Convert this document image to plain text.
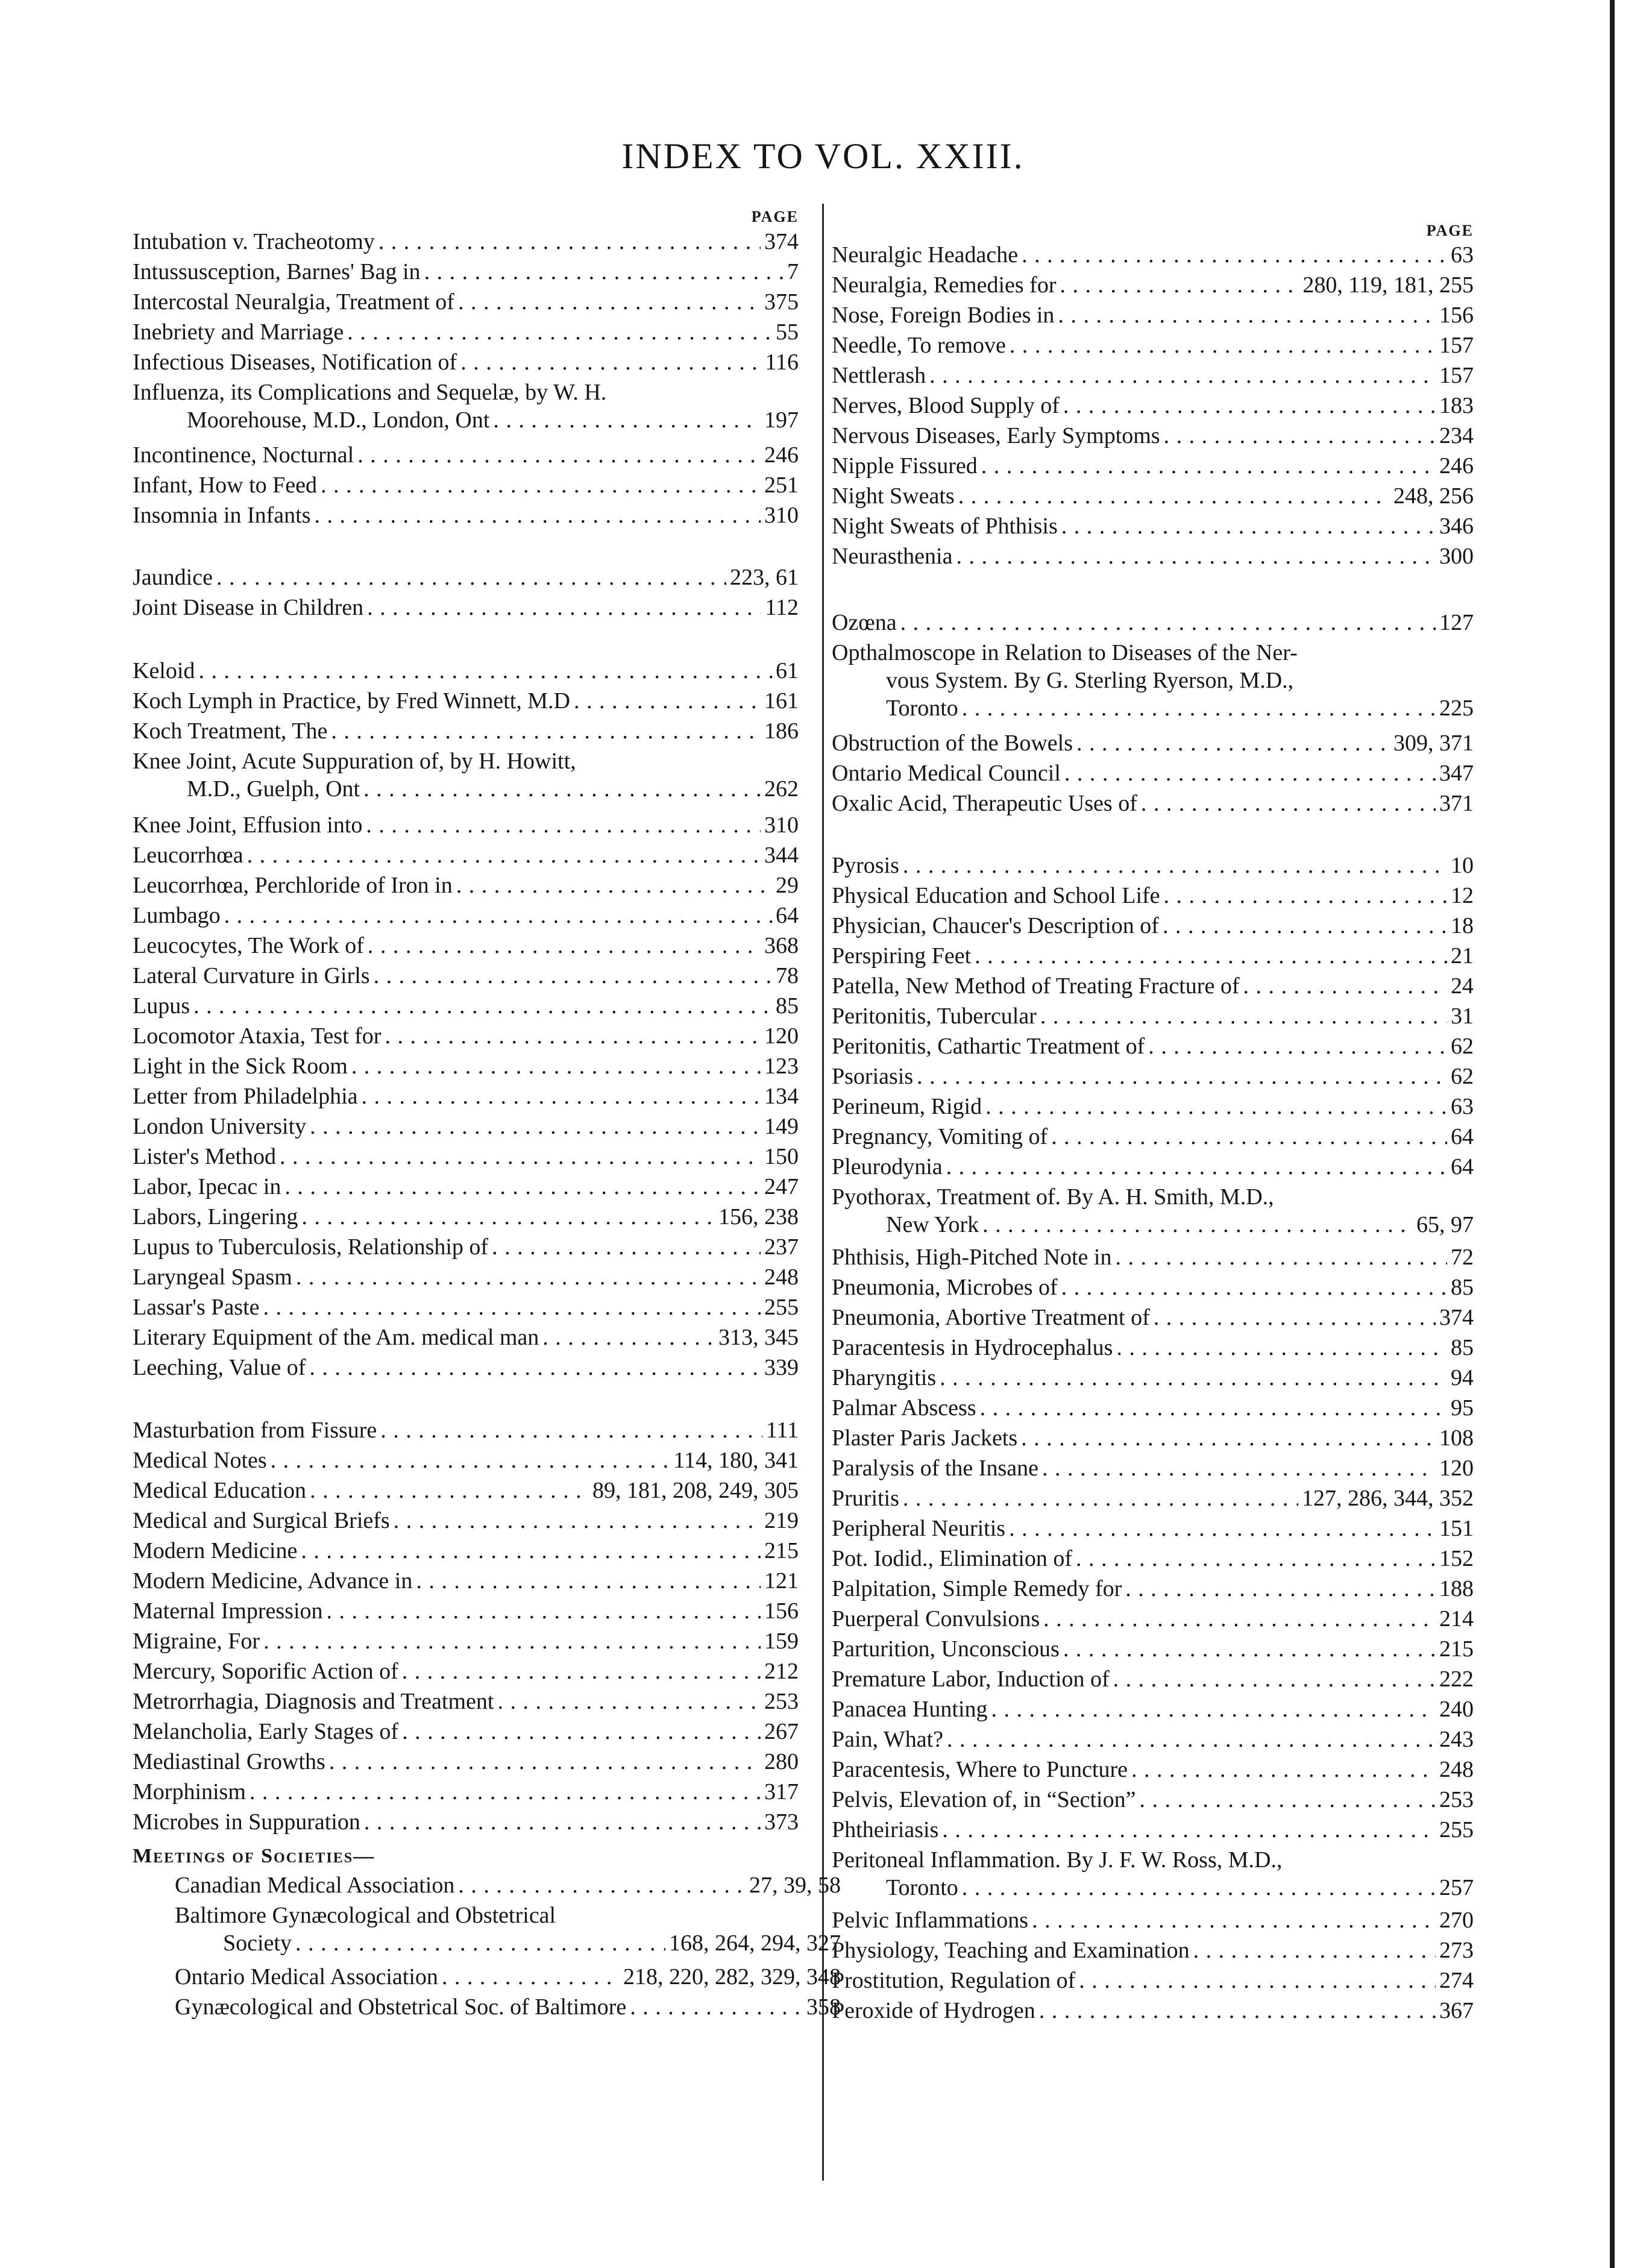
INDEX TO VOL. XXIII.
PAGE
Intubation v. Tracheotomy . . .	374
Intussusception, Barnes' Bag in . . .	7
Intercostal Neuralgia, Treatment of . . .	375
Inebriety and Marriage . . .	55
Infectious Diseases, Notification of . . .	116
Influenza, its Complications and Sequelæ, by W. H.
Moorehouse, M.D., London, Ont . . .	197
Incontinence, Nocturnal . . .	246
Infant, How to Feed . . .	251
Insomnia in Infants . . .	310
Jaundice . . .	223, 61
Joint Disease in Children . . .	112
Keloid . . .	61
Koch Lymph in Practice, by Fred Winnett, M.D . . .	161
Koch Treatment, The . . .	186
Knee Joint, Acute Suppuration of, by H. Howitt,
M.D., Guelph, Ont . . .	262
Knee Joint, Effusion into . . .	310
Leucorrhœa . . .	344
Leucorrhœa, Perchloride of Iron in . . .	29
Lumbago . . .	64
Leucocytes, The Work of . . .	368
Lateral Curvature in Girls . . .	78
Lupus . . .	85
Locomotor Ataxia, Test for . . .	120
Light in the Sick Room . . .	123
Letter from Philadelphia . . .	134
London University . . .	149
Lister's Method . . .	150
Labor, Ipecac in . . .	247
Labors, Lingering . . .	156, 238
Lupus to Tuberculosis, Relationship of . . .	237
Laryngeal Spasm . . .	248
Lassar's Paste . . .	255
Literary Equipment of the Am. medical man . . .	313, 345
Leeching, Value of . . .	339
Masturbation from Fissure . . .	111
Medical Notes . . .	114, 180, 341
Medical Education . . .	89, 181, 208, 249, 305
Medical and Surgical Briefs . . .	219
Modern Medicine . . .	215
Modern Medicine, Advance in . . .	121
Maternal Impression . . .	156
Migraine, For . . .	159
Mercury, Soporific Action of . . .	212
Metrorrhagia, Diagnosis and Treatment . . .	253
Melancholia, Early Stages of . . .	267
Mediastinal Growths . . .	280
Morphinism . . .	317
Microbes in Suppuration . . .	373
Meetings of Societies—
Canadian Medical Association . . .	27, 39, 58
Baltimore Gynæcological and Obstetrical
Society . . .	168, 264, 294, 327
Ontario Medical Association . . .	218, 220, 282, 329, 348
Gynæcological and Obstetrical Soc. of Baltimore . . .	358
PAGE
Neuralgic Headache . . .	63
Neuralgia, Remedies for . . .	280, 119, 181, 255
Nose, Foreign Bodies in . . .	156
Needle, To remove . . .	157
Nettlerash . . .	157
Nerves, Blood Supply of . . .	183
Nervous Diseases, Early Symptoms . . .	234
Nipple Fissured . . .	246
Night Sweats . . .	248, 256
Night Sweats of Phthisis . . .	346
Neurasthenia . . .	300
Ozœna . . .	127
Opthalmoscope in Relation to Diseases of the Ner-
vous System. By G. Sterling Ryerson, M.D.,
Toronto . . .	225
Obstruction of the Bowels . . .	309, 371
Ontario Medical Council . . .	347
Oxalic Acid, Therapeutic Uses of . . .	371
Pyrosis . . .	10
Physical Education and School Life . . .	12
Physician, Chaucer's Description of . . .	18
Perspiring Feet . . .	21
Patella, New Method of Treating Fracture of . . .	24
Peritonitis, Tubercular . . .	31
Peritonitis, Cathartic Treatment of . . .	62
Psoriasis . . .	62
Perineum, Rigid . . .	63
Pregnancy, Vomiting of . . .	64
Pleurodynia . . .	64
Pyothorax, Treatment of. By A. H. Smith, M.D.,
New York . . .	65, 97
Phthisis, High-Pitched Note in . . .	72
Pneumonia, Microbes of . . .	85
Pneumonia, Abortive Treatment of . . .	374
Paracentesis in Hydrocephalus . . .	85
Pharyngitis . . .	94
Palmar Abscess . . .	95
Plaster Paris Jackets . . .	108
Paralysis of the Insane . . .	120
Pruritis . . .	127, 286, 344, 352
Peripheral Neuritis . . .	151
Pot. Iodid., Elimination of . . .	152
Palpitation, Simple Remedy for . . .	188
Puerperal Convulsions . . .	214
Parturition, Unconscious . . .	215
Premature Labor, Induction of . . .	222
Panacea Hunting . . .	240
Pain, What? . . .	243
Paracentesis, Where to Puncture . . .	248
Pelvis, Elevation of, in “Section” . . .	253
Phtheiriasis . . .	255
Peritoneal Inflammation. By J. F. W. Ross, M.D.,
Toronto . . .	257
Pelvic Inflammations . . .	270
Physiology, Teaching and Examination . . .	273
Prostitution, Regulation of . . .	274
Peroxide of Hydrogen . . .	367
